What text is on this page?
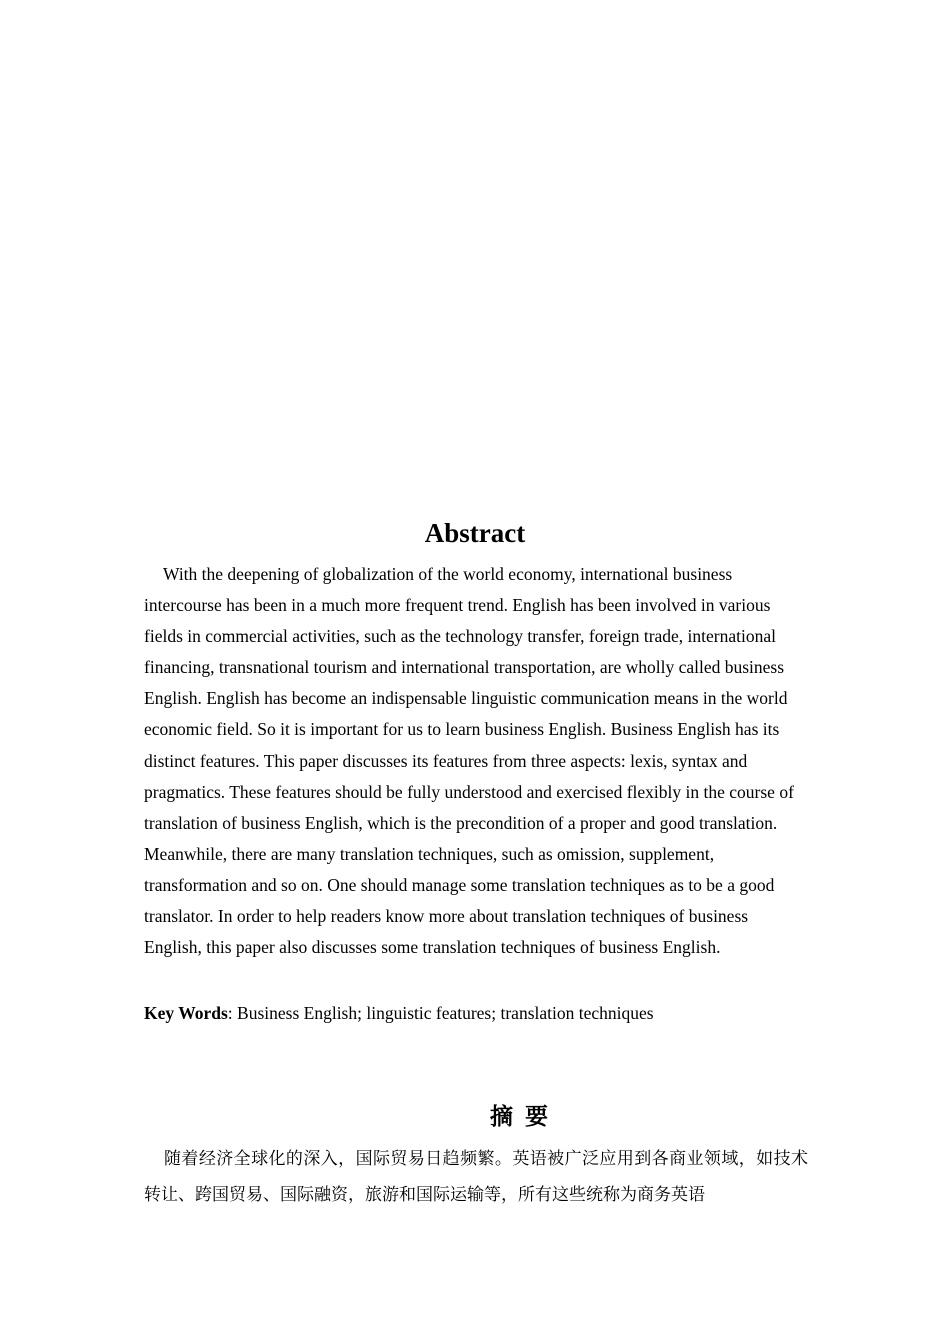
Abstract

With the deepening of globalization of the world economy, international business intercourse has been in a much more frequent trend. English has been involved in various fields in commercial activities, such as the technology transfer, foreign trade, international financing, transnational tourism and international transportation, are wholly called business English. English has become an indispensable linguistic communication means in the world economic field. So it is important for us to learn business English. Business English has its distinct features. This paper discusses its features from three aspects: lexis, syntax and pragmatics. These features should be fully understood and exercised flexibly in the course of translation of business English, which is the precondition of a proper and good translation. Meanwhile, there are many translation techniques, such as omission, supplement, transformation and so on. One should manage some translation techniques as to be a good translator. In order to help readers know more about translation techniques of business English, this paper also discusses some translation techniques of business English.

Key Words: Business English; linguistic features; translation techniques

摘要

随着经济全球化的深入，国际贸易日趋频繁。英语被广泛应用到各商业领域，如技术转让、跨国贸易、国际融资，旅游和国际运输等，所有这些统称为商务英语
